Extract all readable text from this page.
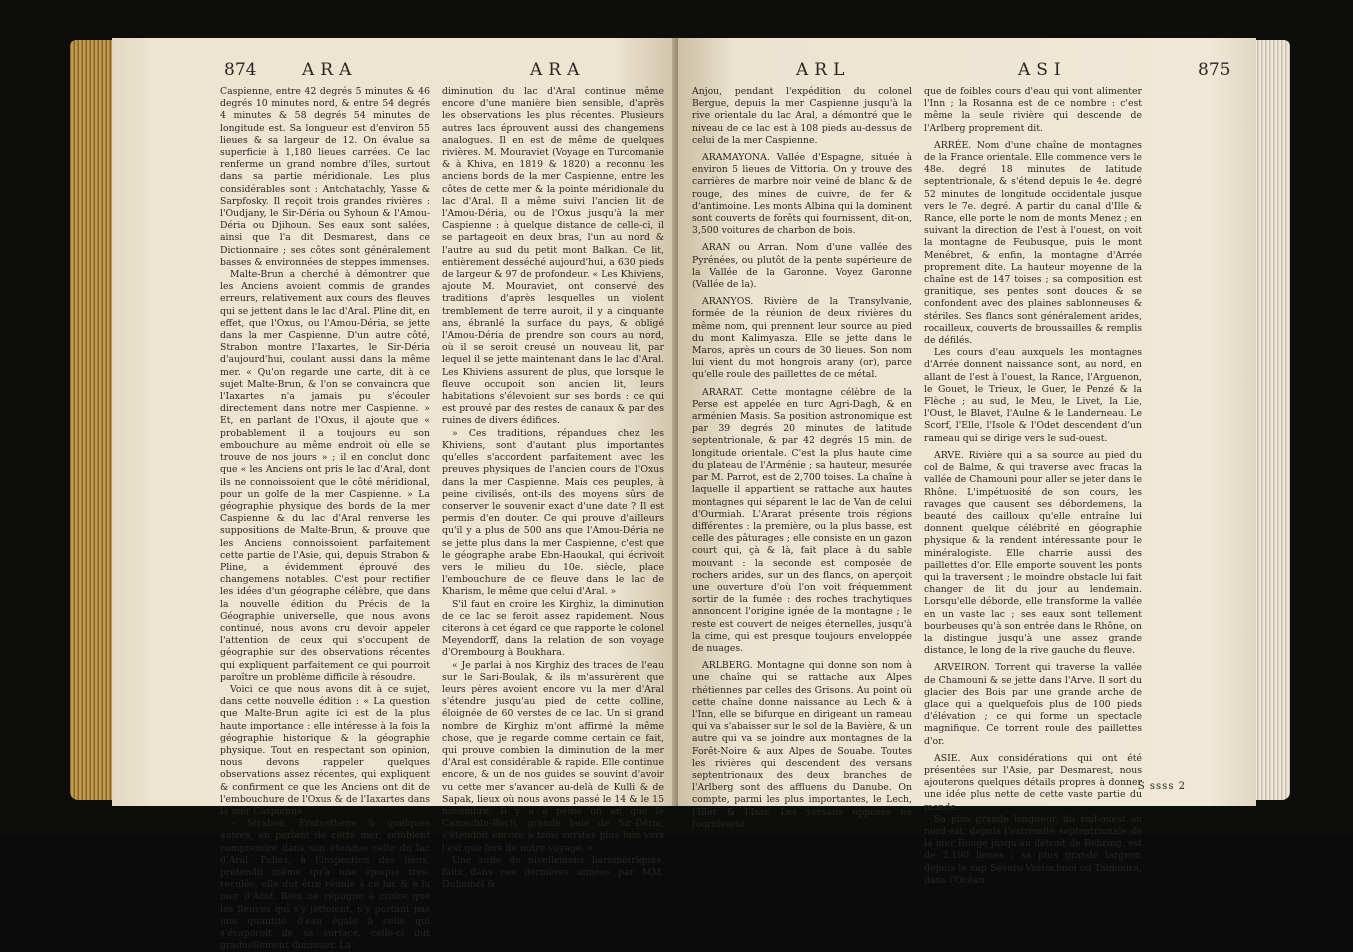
874	ARA	ARA

Caspienne, entre 42 degrés 5 minutes & 46 degrés 10 minutes nord, & entre 54 degrés 4 minutes & 58 degrés 54 minutes de longitude est. Sa longueur est d'environ 55 lieues & sa largeur de 12. On évalue sa superficie à 1,180 lieues carrées. Ce lac renferme un grand nombre d'îles, surtout dans sa partie méridionale. Les plus considérables sont : Antchatachly, Yasse & Sarpfosky. Il reçoit trois grandes rivières : l'Oudjany, le Sir-Déria ou Syhoun & l'Amou-Déria ou Djihoun. Ses eaux sont salées, ainsi que l'a dit Desmarest, dans ce Dictionnaire ; ses côtes sont généralement basses & environnées de steppes immenses.

Malte-Brun a cherché à démontrer que les Anciens avoient commis de grandes erreurs, relativement aux cours des fleuves qui se jettent dans le lac d'Aral. Pline dit, en effet, que l'Oxus, ou l'Amou-Déria, se jette dans la mer Caspienne. D'un autre côté, Strabon montre l'Iaxartes, le Sir-Déria d'aujourd'hui, coulant aussi dans la même mer. « Qu'on regarde une carte, dit à ce sujet Malte-Brun, & l'on se convaincra que l'Iaxartes n'a jamais pu s'écouler directement dans notre mer Caspienne. » Et, en parlant de l'Oxus, il ajoute que « probablement il a toujours eu son embouchure au même endroit où elle se trouve de nos jours » ; il en conclut donc que « les Anciens ont pris le lac d'Aral, dont ils ne connoissoient que le côté méridional, pour un golfe de la mer Caspienne. » La géographie physique des bords de la mer Caspienne & du lac d'Aral renverse les suppositions de Malte-Brun, & prouve que les Anciens connoissoient parfaitement cette partie de l'Asie, qui, depuis Strabon & Pline, a évidemment éprouvé des changemens notables. C'est pour rectifier les idées d'un géographe célèbre, que dans la nouvelle édition du Précis de la Géographie universelle, que nous avons continué, nous avons cru devoir appeler l'attention de ceux qui s'occupent de géographie sur des observations récentes qui expliquent parfaitement ce qui pourroit paroître un problème difficile à résoudre.

Voici ce que nous avons dit à ce sujet, dans cette nouvelle édition : « La question que Malte-Brun agite ici est de la plus haute importance : elle intéresse à la fois la géographie historique & la géographie physique. Tout en respectant son opinion, nous devons rappeler quelques observations assez récentes, qui expliquent & confirment ce que les Anciens ont dit de l'embouchure de l'Oxus & de l'Iaxartes dans la mer Caspienne.

» Strabon, Eratosthène & quelques autres, en parlant de cette mer, semblent comprendre dans son étendue celle du lac d'Aral. Pallas, à l'inspection des lieux, prétendit même qu'à une époque très-reculée, elle dut être réunie à ce lac & à la mer d'Azof. Rien ne répugne à croire que les fleuves qui s'y jettoient, n'y portant pas une quantité d'eau égale à celle qui s'évaporoit de sa surface, celle-ci dut graduellement diminuer. La

diminution du lac d'Aral continue même encore d'une manière bien sensible, d'après les observations les plus récentes. Plusieurs autres lacs éprouvent aussi des changemens analogues. Il en est de même de quelques rivières. M. Mouraviet (Voyage en Turcomanie & à Khiva, en 1819 & 1820) a reconnu les anciens bords de la mer Caspienne, entre les côtes de cette mer & la pointe méridionale du lac d'Aral. Il a même suivi l'ancien lit de l'Amou-Déria, ou de l'Oxus jusqu'à la mer Caspienne : à quelque distance de celle-ci, il se partageoit en deux bras, l'un au nord & l'autre au sud du petit mont Balkan. Ce lit, entièrement desséché aujourd'hui, a 630 pieds de largeur & 97 de profondeur. « Les Khiviens, ajoute M. Mouraviet, ont conservé des traditions d'après lesquelles un violent tremblement de terre auroit, il y a cinquante ans, ébranlé la surface du pays, & obligé l'Amou-Déria de prendre son cours au nord, où il se seroit creusé un nouveau lit, par lequel il se jette maintenant dans le lac d'Aral. Les Khiviens assurent de plus, que lorsque le fleuve occupoit son ancien lit, leurs habitations s'élevoient sur ses bords : ce qui est prouvé par des restes de canaux & par des ruines de divers édifices.

» Ces traditions, répandues chez les Khiviens, sont d'autant plus importantes qu'elles s'accordent parfaitement avec les preuves physiques de l'ancien cours de l'Oxus dans la mer Caspienne. Mais ces peuples, à peine civilisés, ont-ils des moyens sûrs de conserver le souvenir exact d'une date ? Il est permis d'en douter. Ce qui prouve d'ailleurs qu'il y a plus de 500 ans que l'Amou-Déria ne se jette plus dans la mer Caspienne, c'est que le géographe arabe Ebn-Haoukal, qui écrivoit vers le milieu du 10e. siècle, place l'embouchure de ce fleuve dans le lac de Kharism, le même que celui d'Aral. »

S'il faut en croire les Kirghiz, la diminution de ce lac se feroit assez rapidement. Nous citerons à cet égard ce que rapporte le colonel Meyendorff, dans la relation de son voyage d'Orembourg à Boukhara.

« Je parlai à nos Kirghiz des traces de l'eau sur le Sari-Boulak, & ils m'assurèrent que leurs pères avoient encore vu la mer d'Aral s'étendre jusqu'au pied de cette colline, éloignée de 60 verstes de ce lac. Un si grand nombre de Kirghiz m'ont affirmé la même chose, que je regarde comme certain ce fait, qui prouve combien la diminution de la mer d'Aral est considérable & rapide. Elle continue encore, & un de nos guides se souvint d'avoir vu cette mer s'avancer au-delà de Kulli & de Sapak, lieux où nous avons passé le 14 & le 15 novembre. Il y a à peine un an que le Camechlu-Bach, grande baie de Sir-Déria, s'étendoit encore à trois verstes plus loin vers l'est que lors de notre voyage. »

Une suite de nivellemens barométriques, faits dans ces dernières années par MM. Duhamel &

ARL	ASI	875

Anjou, pendant l'expédition du colonel Bergue, depuis la mer Caspienne jusqu'à la rive orientale du lac Aral, a démontré que le niveau de ce lac est à 108 pieds au-dessus de celui de la mer Caspienne.

ARAMAYONA. Vallée d'Espagne, située à environ 5 lieues de Vittoria. On y trouve des carrières de marbre noir veiné de blanc & de rouge, des mines de cuivre, de fer & d'antimoine. Les monts Albina qui la dominent sont couverts de forêts qui fournissent, dit-on, 3,500 voitures de charbon de bois.

ARAN ou Arran. Nom d'une vallée des Pyrénées, ou plutôt de la pente supérieure de la Vallée de la Garonne. Voyez Garonne (Vallée de la).

ARANYOS. Rivière de la Transylvanie, formée de la réunion de deux rivières du même nom, qui prennent leur source au pied du mont Kalimyasza. Elle se jette dans le Maros, après un cours de 30 lieues. Son nom lui vient du mot hongrois arany (or), parce qu'elle roule des paillettes de ce métal.

ARARAT. Cette montagne célèbre de la Perse est appelée en turc Agri-Dagh, & en arménien Masis. Sa position astronomique est par 39 degrés 20 minutes de latitude septentrionale, & par 42 degrés 15 min. de longitude orientale. C'est la plus haute cime du plateau de l'Arménie ; sa hauteur, mesurée par M. Parrot, est de 2,700 toises. La chaîne à laquelle il appartient se rattache aux hautes montagnes qui séparent le lac de Van de celui d'Ourmiah. L'Ararat présente trois régions différentes : la première, ou la plus basse, est celle des pâturages ; elle consiste en un gazon court qui, çà & là, fait place à du sable mouvant : la seconde est composée de rochers arides, sur un des flancs, on aperçoit une ouverture d'où l'on voit fréquemment sortir de la fumée : des roches trachytiques annoncent l'origine ignée de la montagne ; le reste est couvert de neiges éternelles, jusqu'à la cime, qui est presque toujours enveloppée de nuages.

ARLBERG. Montagne qui donne son nom à une chaîne qui se rattache aux Alpes rhétiennes par celles des Grisons. Au point où cette chaîne donne naissance au Lech & à l'Inn, elle se bifurque en dirigeant un rameau qui va s'abaisser sur le sol de la Bavière, & un autre qui va se joindre aux montagnes de la Forêt-Noire & aux Alpes de Souabe. Toutes les rivières qui descendent des versans septentrionaux des deux branches de l'Arlberg sont des affluens du Danube. On compte, parmi les plus importantes, le Lech, l'Iller & l'Isar. Les versans opposés ne fournissent

que de foibles cours d'eau qui vont alimenter l'Inn ; la Rosanna est de ce nombre : c'est même la seule rivière qui descende de l'Arlberg proprement dit.

ARRÉE. Nom d'une chaîne de montagnes de la France orientale. Elle commence vers le 48e. degré 18 minutes de latitude septentrionale, & s'étend depuis le 4e. degré 52 minutes de longitude occidentale jusque vers le 7e. degré. A partir du canal d'Ille & Rance, elle porte le nom de monts Menez ; en suivant la direction de l'est à l'ouest, on voit la montagne de Feubusque, puis le mont Menébret, & enfin, la montagne d'Arrée proprement dite. La hauteur moyenne de la chaîne est de 147 toises ; sa composition est granitique, ses pentes sont douces & se confondent avec des plaines sablonneuses & stériles. Ses flancs sont généralement arides, rocailleux, couverts de broussailles & remplis de défilés.

Les cours d'eau auxquels les montagnes d'Arrée donnent naissance sont, au nord, en allant de l'est à l'ouest, la Rance, l'Arguenon, le Gouet, le Trieux, le Guer, le Penzé & la Flèche ; au sud, le Meu, le Livet, la Lie, l'Oust, le Blavet, l'Aulne & le Landerneau. Le Scorf, l'Elle, l'Isole & l'Odet descendent d'un rameau qui se dirige vers le sud-ouest.

ARVE. Rivière qui a sa source au pied du col de Balme, & qui traverse avec fracas la vallée de Chamouni pour aller se jeter dans le Rhône. L'impétuosité de son cours, les ravages que causent ses débordemens, la beauté des cailloux qu'elle entraîne lui donnent quelque célébrité en géographie physique & la rendent intéressante pour le minéralogiste. Elle charrie aussi des paillettes d'or. Elle emporte souvent les ponts qui la traversent ; le moindre obstacle lui fait changer de lit du jour au lendemain. Lorsqu'elle déborde, elle transforme la vallée en un vaste lac ; ses eaux sont tellement bourbeuses qu'à son entrée dans le Rhône, on la distingue jusqu'à une assez grande distance, le long de la rive gauche du fleuve.

ARVEIRON. Torrent qui traverse la vallée de Chamouni & se jette dans l'Arve. Il sort du glacier des Bois par une grande arche de glace qui a quelquefois plus de 100 pieds d'élévation ; ce qui forme un spectacle magnifique. Ce torrent roule des paillettes d'or.

ASIE. Aux considérations qui ont été présentées sur l'Asie, par Desmarest, nous ajouterons quelques détails propres à donner une idée plus nette de cette vaste partie du monde.

Sa plus grande longueur, du sud-ouest au nord-est, depuis l'extrémité septentrionale de la mer Rouge jusqu'au détroit de Behring, est de 2,190 lieues ; sa plus grande largeur, depuis le cap Sévero-Vostochnoi ou Taimoura, dans l'Océan

S ssss 2
